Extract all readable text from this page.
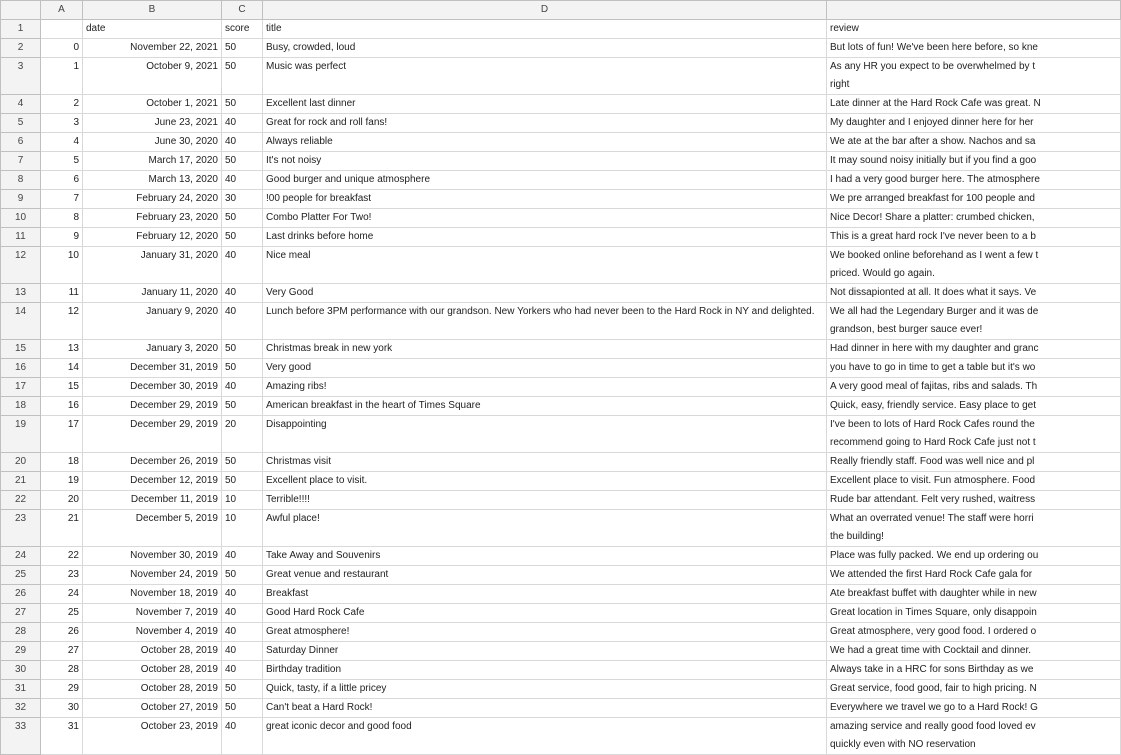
	A	B	C	D	
1		date	score	title	review
2	0	November 22, 2021	50	Busy, crowded, loud	But lots of fun! We've been here before, so kne

3	1	October 9, 2021	50	Music was perfect	As any HR you expect to be overwhelmed by t
right

4	2	October 1, 2021	50	Excellent last dinner	Late dinner at the Hard Rock Cafe was great. N

5	3	June 23, 2021	40	Great for rock and roll fans!	My daughter and I enjoyed dinner here for her

6	4	June 30, 2020	40	Always reliable	We ate at the bar after a show. Nachos and sa

7	5	March 17, 2020	50	It's not noisy	It may sound noisy initially but if you find a goo

8	6	March 13, 2020	40	Good burger and unique atmosphere	I had a very good burger here. The atmosphere

9	7	February 24, 2020	30	!00 people for breakfast	We pre arranged breakfast for 100 people and

10	8	February 23, 2020	50	Combo Platter For Two!	Nice Decor! Share a platter: crumbed chicken,

11	9	February 12, 2020	50	Last drinks before home	This is a great hard rock I've never been to a b

12	10	January 31, 2020	40	Nice meal	We booked online beforehand as I went a few t
priced. Would go again.

13	11	January 11, 2020	40	Very Good	Not dissapionted at all. It does what it says. Ve

14	12	January 9, 2020	40	Lunch before 3PM performance with our grandson. New Yorkers who had never been to the Hard Rock in NY and delighted.	We all had the Legendary Burger and it was de
grandson, best burger sauce ever!

15	13	January 3, 2020	50	Christmas break in new york	Had dinner in here with my daughter and granc

16	14	December 31, 2019	50	Very good	you have to go in time to get a table but it's wo

17	15	December 30, 2019	40	Amazing ribs!	A very good meal of fajitas, ribs and salads. Th

18	16	December 29, 2019	50	American breakfast in the heart of Times Square	Quick, easy, friendly service. Easy place to get

19	17	December 29, 2019	20	Disappointing	I've been to lots of Hard Rock Cafes round the
recommend going to Hard Rock Cafe just not t

20	18	December 26, 2019	50	Christmas visit	Really friendly staff. Food was well nice and pl

21	19	December 12, 2019	50	Excellent place to visit.	Excellent place to visit. Fun atmosphere. Food

22	20	December 11, 2019	10	Terrible!!!!	Rude bar attendant. Felt very rushed, waitress

23	21	December 5, 2019	10	Awful place!	What an overrated venue! The staff were horri
the building!

24	22	November 30, 2019	40	Take Away and Souvenirs	Place was fully packed. We end up ordering ou

25	23	November 24, 2019	50	Great venue and restaurant	We attended the first Hard Rock Cafe gala for

26	24	November 18, 2019	40	Breakfast	Ate breakfast buffet with daughter while in new

27	25	November 7, 2019	40	Good Hard Rock Cafe	Great location in Times Square, only disappoin

28	26	November 4, 2019	40	Great atmosphere!	Great atmosphere, very good food. I ordered o

29	27	October 28, 2019	40	Saturday Dinner	We had a great time with Cocktail and dinner.

30	28	October 28, 2019	40	Birthday tradition	Always take in a HRC for sons Birthday as we

31	29	October 28, 2019	50	Quick, tasty, if a little pricey	Great service, food good, fair to high pricing. N

32	30	October 27, 2019	50	Can't beat a Hard Rock!	Everywhere we travel we go to a Hard Rock! G

33	31	October 23, 2019	40	great iconic decor and good food	amazing service and really good food loved ev
quickly even with NO reservation
